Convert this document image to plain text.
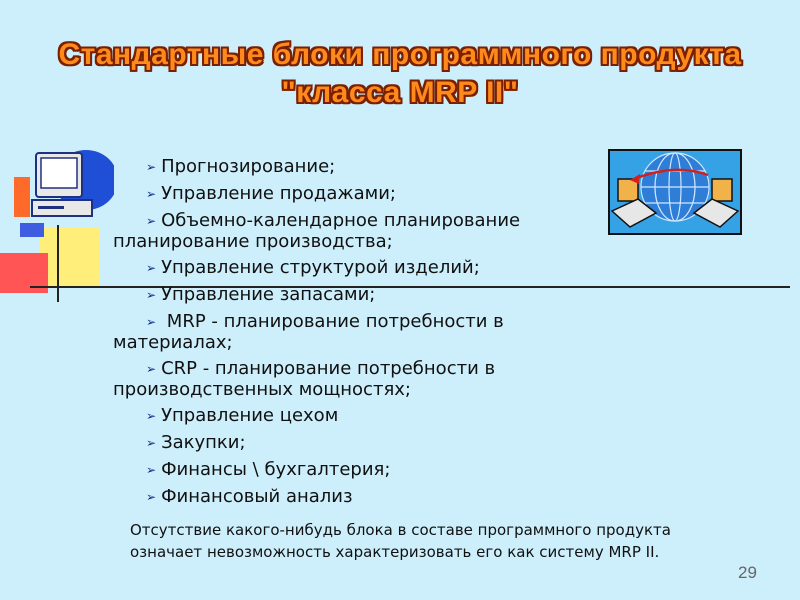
Стандартные блоки программного продукта
"класса MRP II"
➢ Прогнозирование;
➢ Управление продажами;
➢ Объемно-календарное планирование
планирование производства;
➢ Управление структурой изделий;
➢ Управление запасами;
➢ MRP - планирование потребности в
материалах;
➢ CRP - планирование потребности в
производственных мощностях;
➢ Управление цехом
➢ Закупки;
➢ Финансы \ бухгалтерия;
➢ Финансовый анализ
Отсутствие какого-нибудь блока в составе программного продукта означает невозможность характеризовать его как систему MRP II.
29
